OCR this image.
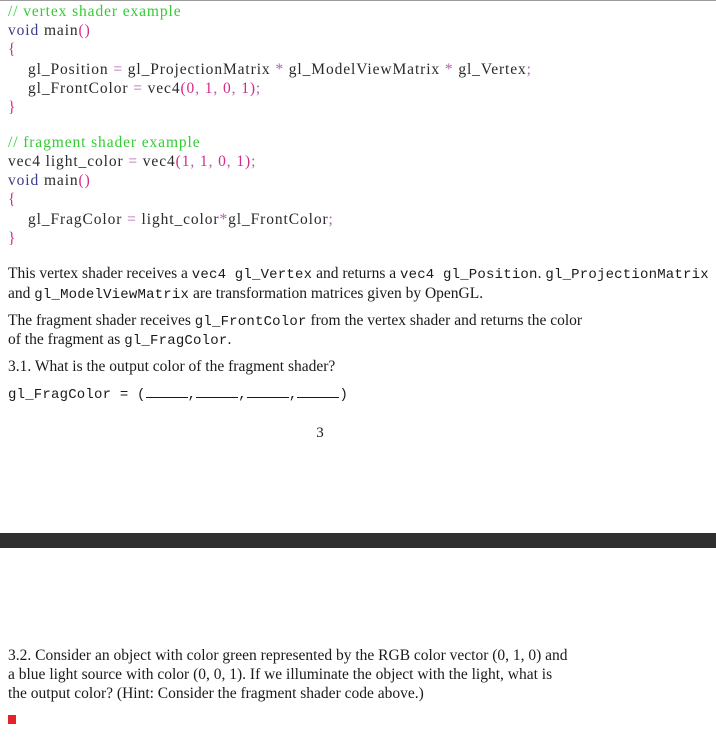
// vertex shader example
void main()
{
gl_Position = gl_ProjectionMatrix * gl_ModelViewMatrix * gl_Vertex;
gl_FrontColor = vec4(0, 1, 0, 1);
}
// fragment shader example
vec4 light_color = vec4(1, 1, 0, 1);
void main()
{
gl_FragColor = light_color*gl_FrontColor;
}
This vertex shader receives a vec4 gl_Vertex and returns a vec4 gl_Position. gl_ProjectionMatrix
and gl_ModelViewMatrix are transformation matrices given by OpenGL.
The fragment shader receives gl_FrontColor from the vertex shader and returns the color
of the fragment as gl_FragColor.
3.1. What is the output color of the fragment shader?
gl_FragColor = (	,	,	,	)
3
3.2. Consider an object with color green represented by the RGB color vector (0, 1, 0) and
a blue light source with color (0, 0, 1). If we illuminate the object with the light, what is
the output color? (Hint: Consider the fragment shader code above.)
